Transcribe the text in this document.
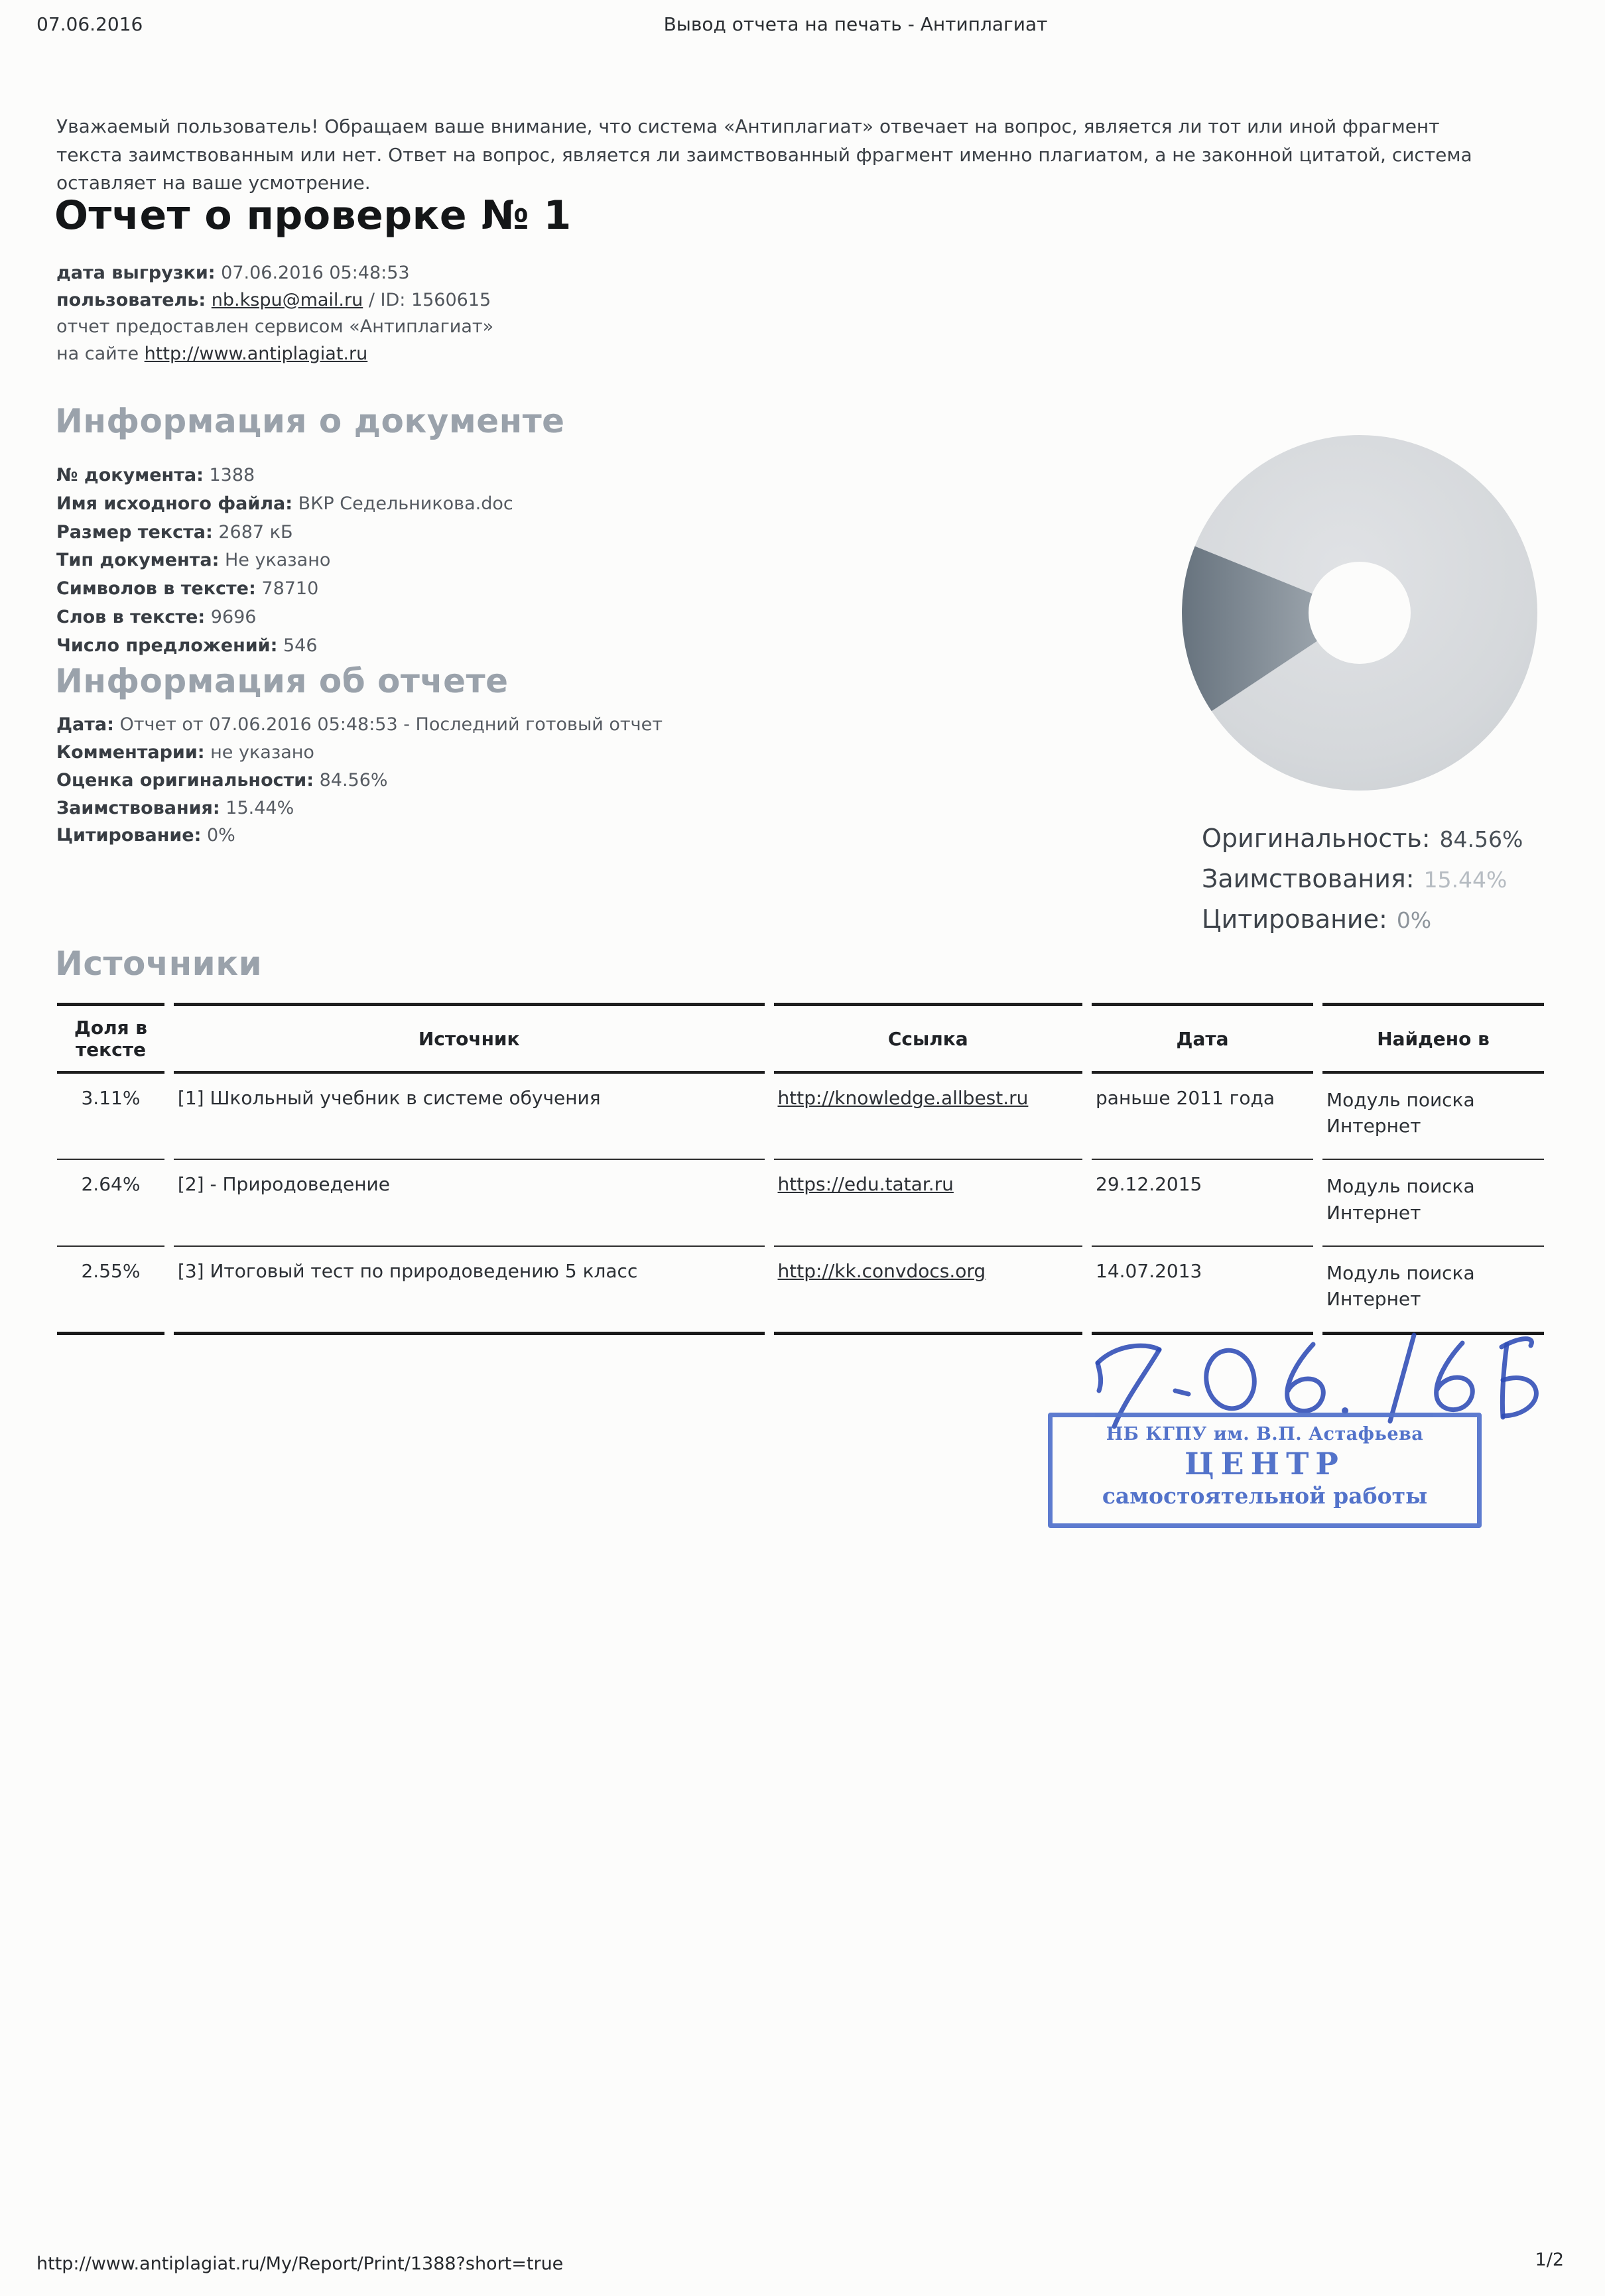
07.06.2016	Вывод отчета на печать - Антиплагиат

Уважаемый пользователь! Обращаем ваше внимание, что система «Антиплагиат» отвечает на вопрос, является ли тот или иной фрагмент текста заимствованным или нет. Ответ на вопрос, является ли заимствованный фрагмент именно плагиатом, а не законной цитатой, система оставляет на ваше усмотрение.

Отчет о проверке № 1
дата выгрузки: 07.06.2016 05:48:53
пользователь: nb.kspu@mail.ru / ID: 1560615
отчет предоставлен сервисом «Антиплагиат»
на сайте http://www.antiplagiat.ru
Информация о документе
№ документа: 1388
Имя исходного файла: ВКР Седельникова.doc
Размер текста: 2687 кБ
Тип документа: Не указано
Символов в тексте: 78710
Слов в тексте: 9696
Число предложений: 546
Информация об отчете
Дата: Отчет от 07.06.2016 05:48:53 - Последний готовый отчет
Комментарии: не указано
Оценка оригинальности: 84.56%
Заимствования: 15.44%
Цитирование: 0%	Оригинальность: 84.56%
Заимствования: 15.44%
Цитирование: 0%
Источники
Доля в тексте	Источник	Ссылка	Дата	Найдено в
3.11%	[1] Школьный учебник в системе обучения	http://knowledge.allbest.ru	раньше 2011 года	Модуль поиска Интернет
2.64%	[2] - Природоведение	https://edu.tatar.ru	29.12.2015	Модуль поиска Интернет
2.55%	[3] Итоговый тест по природоведению 5 класс	http://kk.convdocs.org	14.07.2013	Модуль поиска Интернет
НБ КГПУ им. В.П. Астафьева
ЦЕНТР
самостоятельной работы
http://www.antiplagiat.ru/My/Report/Print/1388?short=true	1/2
